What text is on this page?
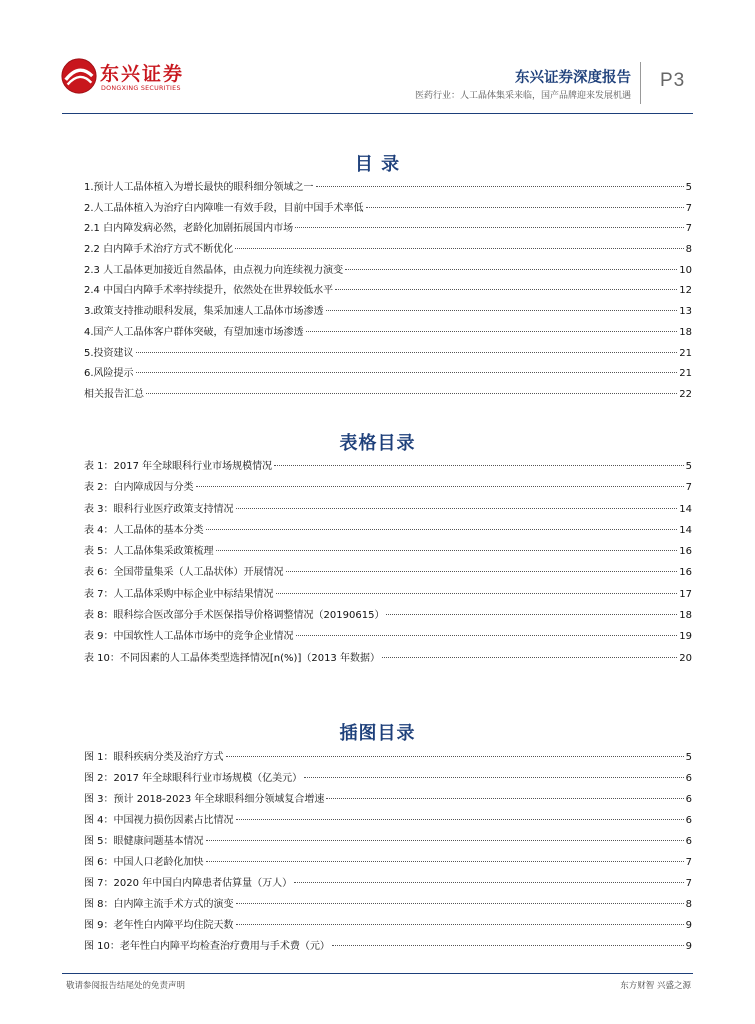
东兴证券
DONGXING SECURITIES
东兴证券深度报告
医药行业：人工晶体集采来临，国产品牌迎来发展机遇
P3
目 录
1.预计人工晶体植入为增长最快的眼科细分领域之一	5
2.人工晶体植入为治疗白内障唯一有效手段，目前中国手术率低	7
2.1 白内障发病必然，老龄化加剧拓展国内市场	7
2.2 白内障手术治疗方式不断优化	8
2.3 人工晶体更加接近自然晶体，由点视力向连续视力演变	10
2.4 中国白内障手术率持续提升，依然处在世界较低水平	12
3.政策支持推动眼科发展，集采加速人工晶体市场渗透	13
4.国产人工晶体客户群体突破，有望加速市场渗透	18
5.投资建议	21
6.风险提示	21
相关报告汇总	22
表格目录
表 1：2017 年全球眼科行业市场规模情况	5
表 2：白内障成因与分类	7
表 3：眼科行业医疗政策支持情况	14
表 4：人工晶体的基本分类	14
表 5：人工晶体集采政策梳理	16
表 6：全国带量集采（人工晶状体）开展情况	16
表 7：人工晶体采购中标企业中标结果情况	17
表 8：眼科综合医改部分手术医保指导价格调整情况（20190615）	18
表 9：中国软性人工晶体市场中的竞争企业情况	19
表 10：不同因素的人工晶体类型选择情况[n(%)]（2013 年数据）	20
插图目录
图 1：眼科疾病分类及治疗方式	5
图 2：2017 年全球眼科行业市场规模（亿美元）	6
图 3：预计 2018-2023 年全球眼科细分领域复合增速	6
图 4：中国视力损伤因素占比情况	6
图 5：眼健康问题基本情况	6
图 6：中国人口老龄化加快	7
图 7：2020 年中国白内障患者估算量（万人）	7
图 8：白内障主流手术方式的演变	8
图 9：老年性白内障平均住院天数	9
图 10：老年性白内障平均检查治疗费用与手术费（元）	9
敬请参阅报告结尾处的免责声明	东方财智 兴盛之源
